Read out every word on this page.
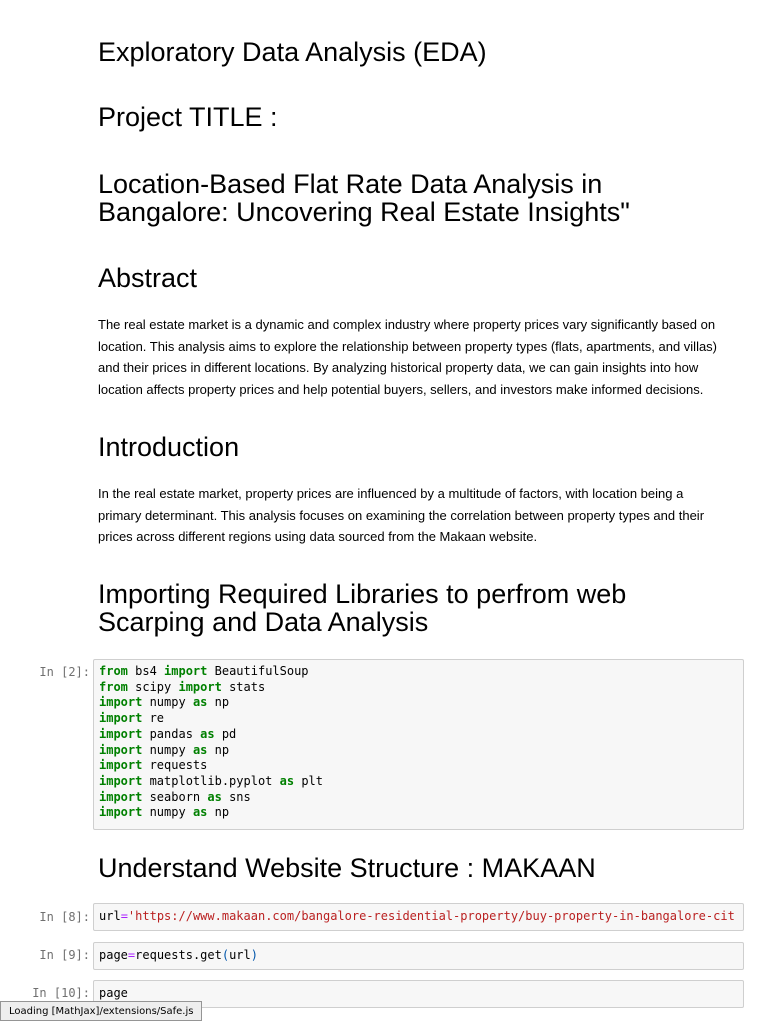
Exploratory Data Analysis (EDA)
Project TITLE :
Location-Based Flat Rate Data Analysis in
Bangalore: Uncovering Real Estate Insights"
Abstract
The real estate market is a dynamic and complex industry where property prices vary significantly based on
location. This analysis aims to explore the relationship between property types (flats, apartments, and villas)
and their prices in different locations. By analyzing historical property data, we can gain insights into how
location affects property prices and help potential buyers, sellers, and investors make informed decisions.
Introduction
In the real estate market, property prices are influenced by a multitude of factors, with location being a
primary determinant. This analysis focuses on examining the correlation between property types and their
prices across different regions using data sourced from the Makaan website.
Importing Required Libraries to perfrom web
Scarping and Data Analysis
In [2]: from bs4 import BeautifulSoup
from scipy import stats
import numpy as np
import re
import pandas as pd
import numpy as np
import requests
import matplotlib.pyplot as plt
import seaborn as sns
import numpy as np
Understand Website Structure : MAKAAN
In [8]: url='https://www.makaan.com/bangalore-residential-property/buy-property-in-bangalore-cit
In [9]: page=requests.get(url)
In [10]: page
Loading [MathJax]/extensions/Safe.js
